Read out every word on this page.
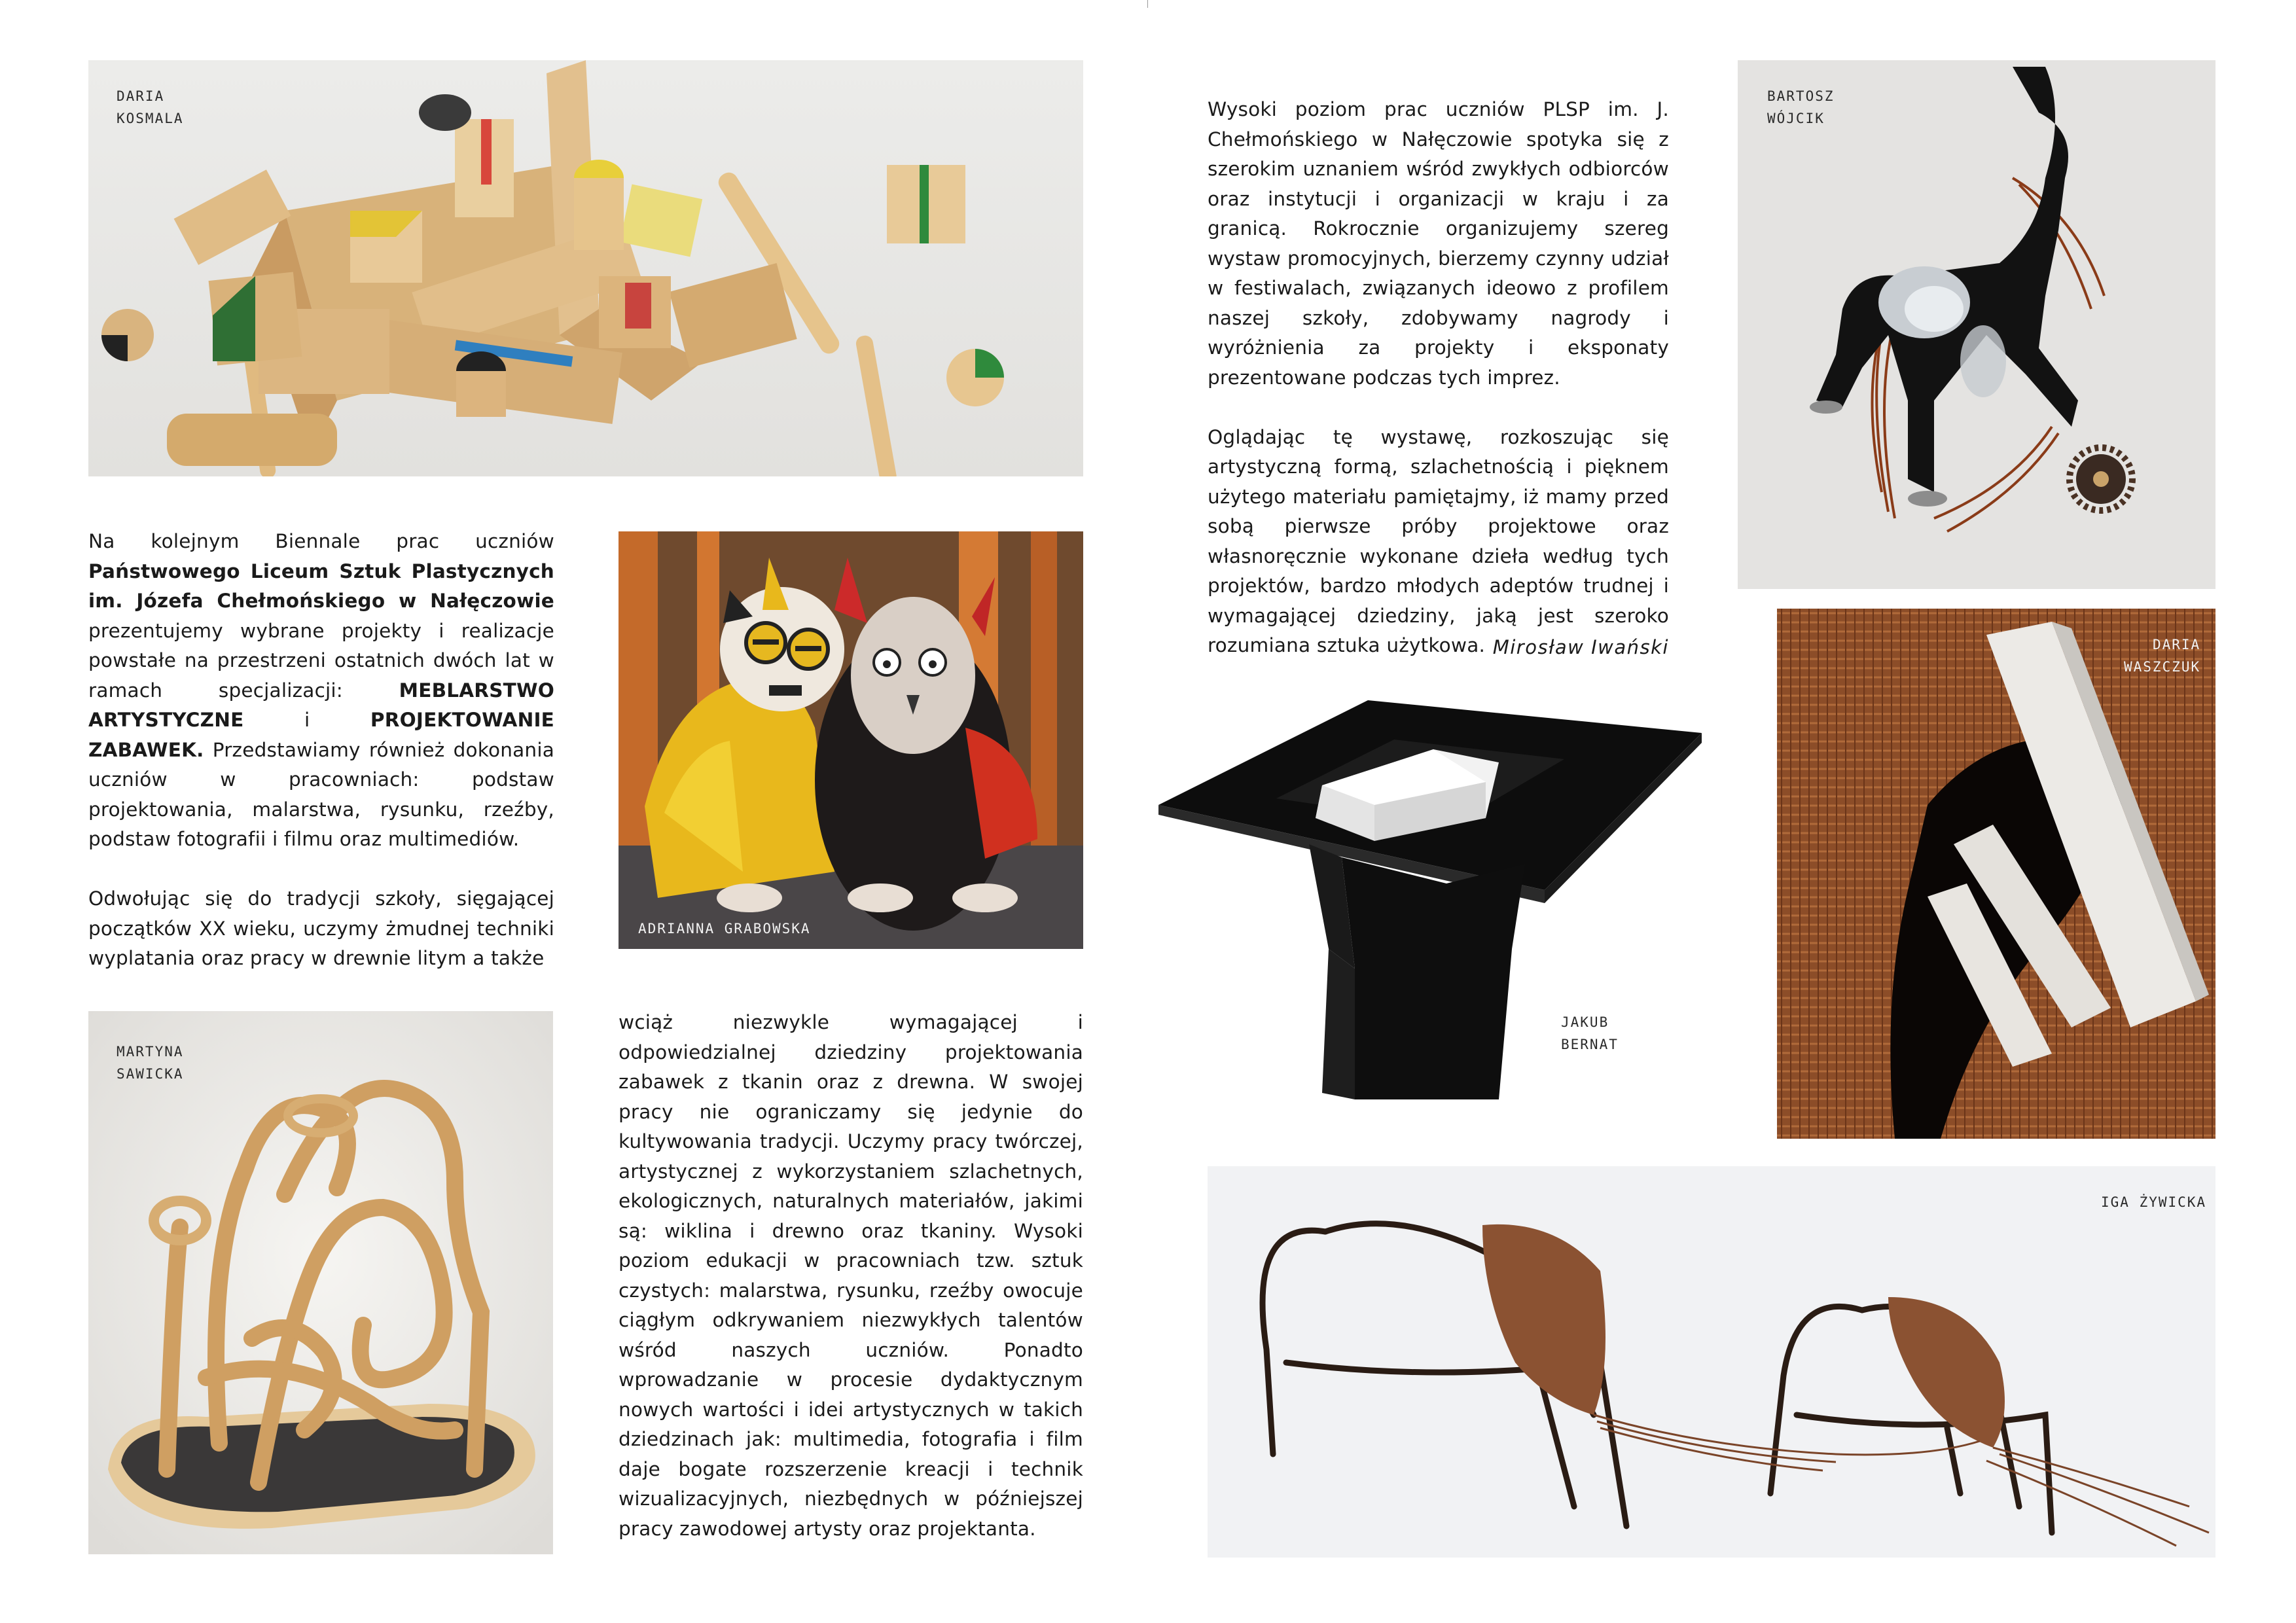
DARIA
KOSMALA
ADRIANNA GRABOWSKA
MARTYNA
SAWICKA
JAKUB
BERNAT
BARTOSZ
WÓJCIK
DARIA
WASZCZUK
IGA ŻYWICKA

Na kolejnym Biennale prac uczniów Państwowego Liceum Sztuk Plastycznych im. Józefa Chełmońskiego w Nałęczowie prezentujemy wybrane projekty i realizacje powstałe na przestrzeni ostatnich dwóch lat w ramach specjalizacji: MEBLARSTWO ARTYSTYCZNE i PROJEKTOWANIE ZABAWEK. Przedstawiamy również dokonania uczniów w pracowniach: podstaw projektowania, malarstwa, rysunku, rzeźby, podstaw fotografii i filmu oraz multimediów.

Odwołując się do tradycji szkoły, sięgającej początków XX wieku, uczymy żmudnej techniki wyplatania oraz pracy w drewnie litym a także

wciąż niezwykle wymagającej i odpowiedzialnej dziedziny projektowania zabawek z tkanin oraz z drewna. W swojej pracy nie ograniczamy się jedynie do kultywowania tradycji. Uczymy pracy twórczej, artystycznej z wykorzystaniem szlachetnych, ekologicznych, naturalnych materiałów, jakimi są: wiklina i drewno oraz tkaniny. Wysoki poziom edukacji w pracowniach tzw. sztuk czystych: malarstwa, rysunku, rzeźby owocuje ciągłym odkrywaniem niezwykłych talentów wśród naszych uczniów. Ponadto wprowadzanie w procesie dydaktycznym nowych wartości i idei artystycznych w takich dziedzinach jak: multimedia, fotografia i film daje bogate rozszerzenie kreacji i technik wizualizacyjnych, niezbędnych w późniejszej pracy zawodowej artysty oraz projektanta.

Wysoki poziom prac uczniów PLSP im. J. Chełmońskiego w Nałęczowie spotyka się z szerokim uznaniem wśród zwykłych odbiorców oraz instytucji i organizacji w kraju i za granicą. Rokrocznie organizujemy szereg wystaw promocyjnych, bierzemy czynny udział w festiwalach, związanych ideowo z profilem naszej szkoły, zdobywamy nagrody i wyróżnienia za projekty i eksponaty prezentowane podczas tych imprez.

Oglądając tę wystawę, rozkoszując się artystyczną formą, szlachetnością i pięknem użytego materiału pamiętajmy, iż mamy przed sobą pierwsze próby projektowe oraz własnoręcznie wykonane dzieła według tych projektów, bardzo młodych adeptów trudnej i wymagającej dziedziny, jaką jest szeroko rozumiana sztuka użytkowa. Mirosław Iwański
